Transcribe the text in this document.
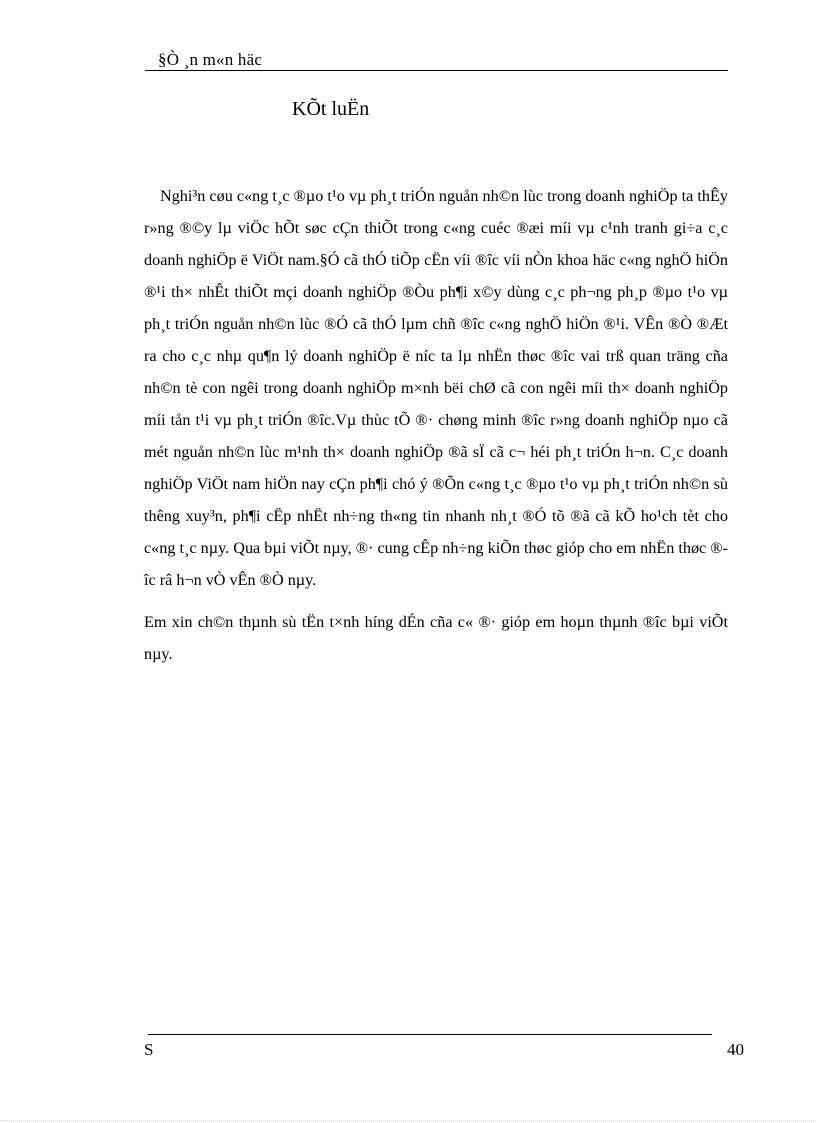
§Ò ¸n m«n häc
KÕt luËn

Nghi³n cøu c«ng t¸c ®µo t¹o vµ ph¸t triÓn nguån nh©n lùc trong doanh nghiÖp ta thÊy r»ng ®©y lµ viÖc hÕt søc cÇn thiÕt trong c«ng cuéc ®æi míi vµ c¹nh tranh gi÷a c¸c doanh nghiÖp ë ViÖt nam.§Ó cã thÓ tiÕp cËn víi ®îc víi nÒn khoa häc c«ng nghÖ hiÖn ®¹i th× nhÊt thiÕt mçi doanh nghiÖp ®Òu ph¶i x©y dùng c¸c ph¬ng ph¸p ®µo t¹o vµ ph¸t triÓn nguån nh©n lùc ®Ó cã thÓ lµm chñ ®îc c«ng nghÖ hiÖn ®¹i. VÊn ®Ò ®Æt ra cho c¸c nhµ qu¶n lý doanh nghiÖp ë níc ta lµ nhËn thøc ®îc vai trß quan träng cña nh©n tè con ngêi trong doanh nghiÖp m×nh bëi chØ cã con ngêi míi th× doanh nghiÖp míi tån t¹i vµ ph¸t triÓn ®îc.Vµ thùc tÕ ®· chøng minh ®îc r»ng doanh nghiÖp nµo cã mét nguån nh©n lùc m¹nh th× doanh nghiÖp ®ã sÏ cã c¬ héi ph¸t triÓn h¬n. C¸c doanh nghiÖp ViÖt nam hiÖn nay cÇn ph¶i chó ý ®Õn c«ng t¸c ®µo t¹o vµ ph¸t triÓn nh©n sù thêng xuy³n, ph¶i cËp nhËt nh÷ng th«ng tin nhanh nh¸t ®Ó tõ ®ã cã kÕ ho¹ch tèt cho c«ng t¸c nµy. Qua bµi viÕt nµy, ®· cung cÊp nh÷ng kiÕn thøc gióp cho em nhËn thøc ®îc râ h¬n vÒ vÊn ®Ò nµy.

Em xin ch©n thµnh sù tËn t×nh híng dÉn cña c« ®· gióp em hoµn thµnh ®îc bµi viÕt nµy.

S	40
